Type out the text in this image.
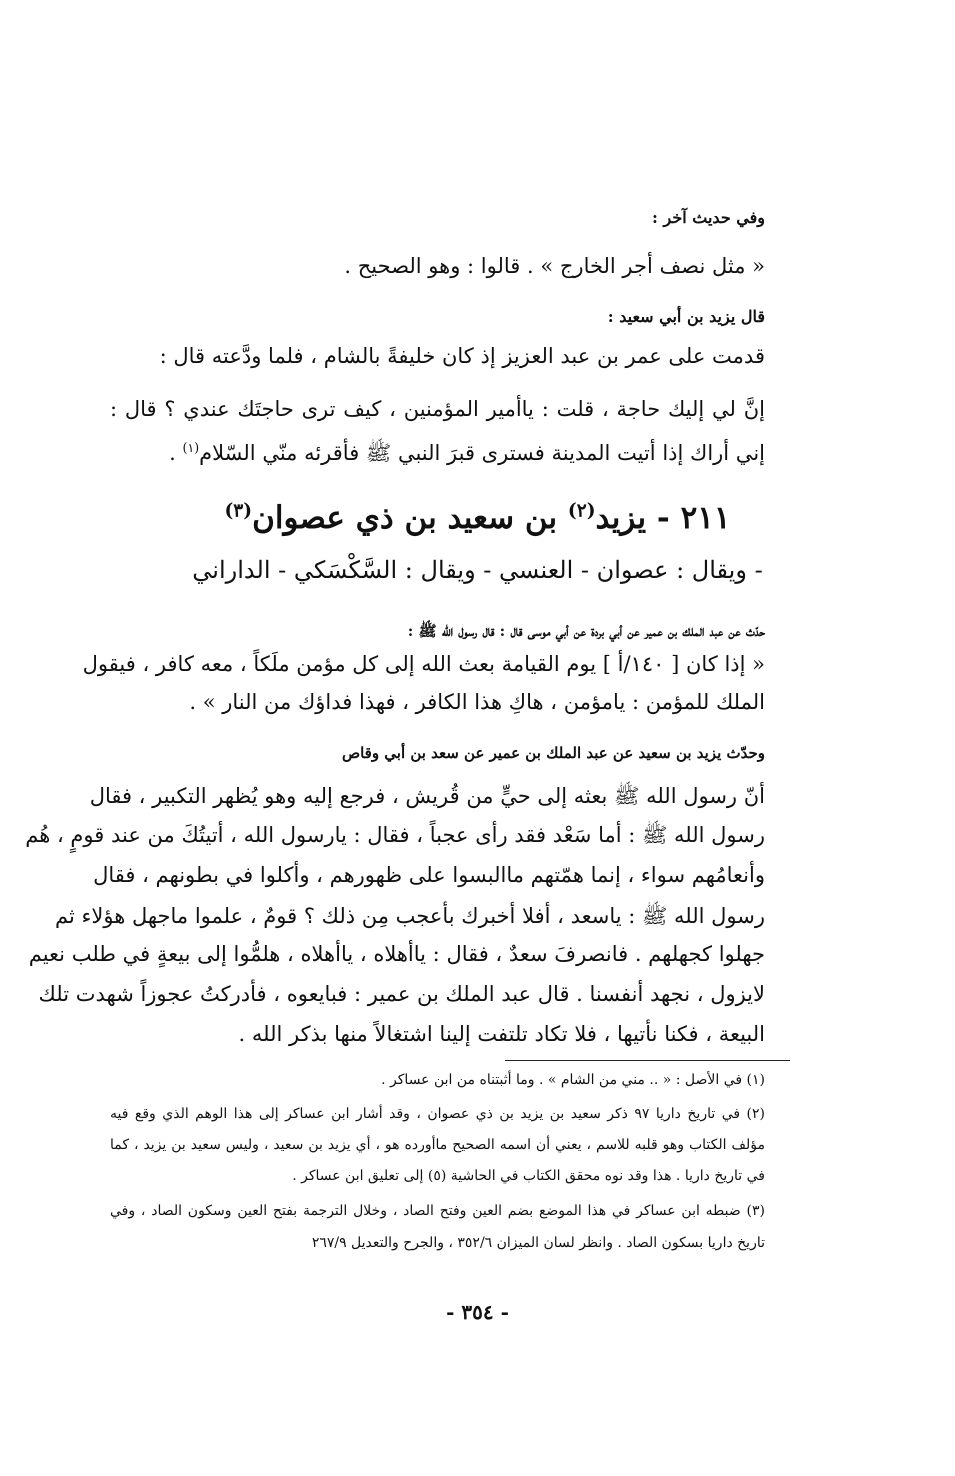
وفي حديث آخر :
« مثل نصف أجر الخارج » . قالوا : وهو الصحيح .
قال يزيد بن أبي سعيد :
قدمت على عمر بن عبد العزيز إذ كان خليفةً بالشام ، فلما ودَّعته قال :
إنَّ لي إليك حاجة ، قلت : ياأمير المؤمنين ، كيف ترى حاجتَك عندي ؟ قال :
إني أراك إذا أتيت المدينة فسترى قبرَ النبي ﷺ فأقرئه منّي السّلام$^{(١)}$ .
٢١١ - يزيد$^{(٢)}$ بن سعيد بن ذي عصوان$^{(٣)}$
- ويقال : عصوان - العنسي - ويقال : السَّكْسَكي - الداراني
حدّث عن عبد الملك بن عمير عن أبي بردة عن أبي موسى قال : قال رسول الله ﷺ :
« إذا كان [ ١٤٠/أ ] يوم القيامة بعث الله إلى كل مؤمن ملَكاً ، معه كافر ، فيقول
الملك للمؤمن : يامؤمن ، هاكِ هذا الكافر ، فهذا فداؤك من النار » .
وحدّث يزيد بن سعيد عن عبد الملك بن عمير عن سعد بن أبي وقاص
أنّ رسول الله ﷺ بعثه إلى حيٍّ من قُريش ، فرجع إليه وهو يُظهر التكبير ، فقال
رسول الله ﷺ : أما سَعْد فقد رأى عجباً ، فقال : يارسول الله ، أتيتُكَ من عند قومٍ ، هُم
وأنعامُهم سواء ، إنما همّتهم ماالبسوا على ظهورهم ، وأكلوا في بطونهم ، فقال
رسول الله ﷺ : ياسعد ، أفلا أخبرك بأعجب مِن ذلك ؟ قومٌ ، علموا ماجهل هؤلاء ثم
جهلوا كجهلهم . فانصرفَ سعدٌ ، فقال : ياأهلاه ، ياأهلاه ، هلمُّوا إلى بيعةٍ في طلب نعيم
لايزول ، نجهد أنفسنا . قال عبد الملك بن عمير : فبايعوه ، فأدركتُ عجوزاً شهدت تلك
البيعة ، فكنا نأتيها ، فلا تكاد تلتفت إلينا اشتغالاً منها بذكر الله .
(١) في الأصل : « .. مني من الشام » . وما أثبتناه من ابن عساكر .
(٢) في تاريخ داريا ٩٧ ذكر سعيد بن يزيد بن ذي عصوان ، وقد أشار ابن عساكر إلى هذا الوهم الذي وقع فيه
مؤلف الكتاب وهو قلبه للاسم ، يعني أن اسمه الصحيح ماأورده هو ، أي يزيد بن سعيد ، وليس سعيد بن يزيد ، كما
في تاريخ داريا . هذا وقد نوه محقق الكتاب في الحاشية (٥) إلى تعليق ابن عساكر .
(٣) ضبطه ابن عساكر في هذا الموضع بضم العين وفتح الصاد ، وخلال الترجمة بفتح العين وسكون الصاد ، وفي
تاريخ داريا بسكون الصاد . وانظر لسان الميزان ٣٥٢/٦ ، والجرح والتعديل ٢٦٧/٩
- ٣٥٤ -
